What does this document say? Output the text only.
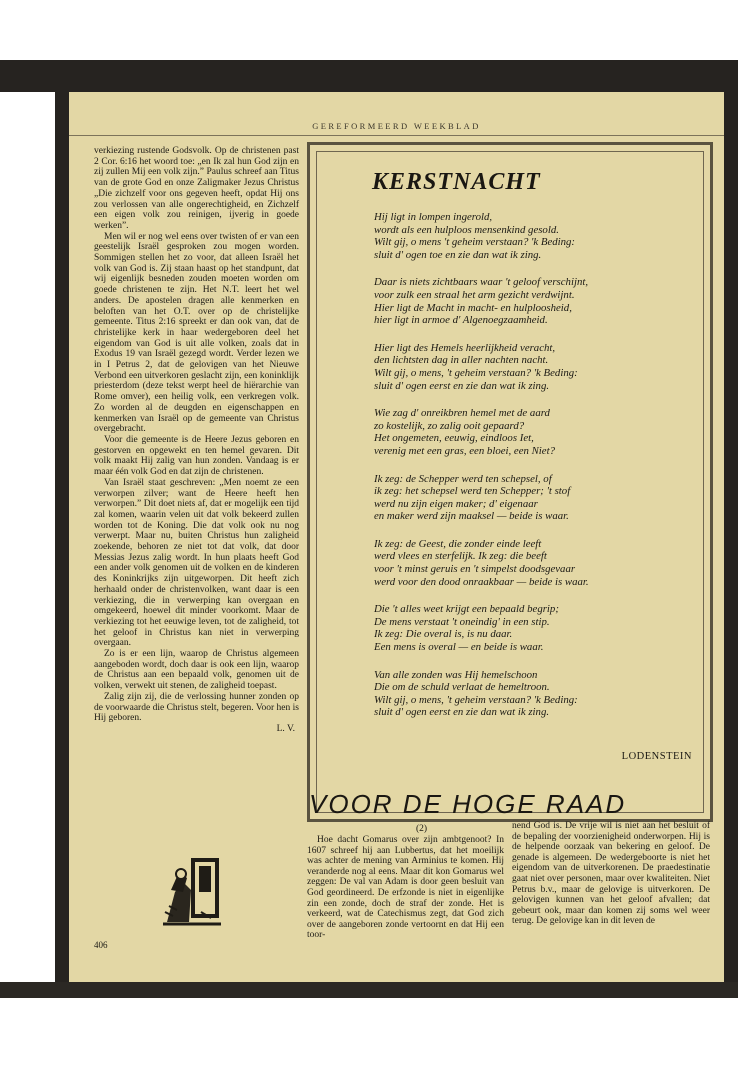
GEREFORMEERD WEEKBLAD

verkiezing rustende Godsvolk. Op de christenen past 2 Cor. 6:16 het woord toe: „en Ik zal hun God zijn en zij zullen Mij een volk zijn.” Paulus schreef aan Titus van de grote God en onze Zaligmaker Jezus Christus „Die zichzelf voor ons gegeven heeft, opdat Hij ons zou verlossen van alle ongerechtigheid, en Zichzelf een eigen volk zou reinigen, ijverig in goede werken”.

Men wil er nog wel eens over twisten of er van een geestelijk Israël gesproken zou mogen worden. Sommigen stellen het zo voor, dat alleen Israël het volk van God is. Zij staan haast op het standpunt, dat wij eigenlijk besneden zouden moeten worden om goede christenen te zijn. Het N.T. leert het wel anders. De apostelen dragen alle kenmerken en beloften van het O.T. over op de christelijke gemeente. Titus 2:16 spreekt er dan ook van, dat de christelijke kerk in haar wedergeboren deel het eigendom van God is uit alle volken, zoals dat in Exodus 19 van Israël gezegd wordt. Verder lezen we in I Petrus 2, dat de gelovigen van het Nieuwe Verbond een uitverkoren geslacht zijn, een koninklijk priesterdom (deze tekst werpt heel de hiërarchie van Rome omver), een heilig volk, een verkregen volk. Zo worden al de deugden en eigenschappen en kenmerken van Israël op de gemeente van Christus overgebracht.

Voor die gemeente is de Heere Jezus geboren en gestorven en opgewekt en ten hemel gevaren. Dit volk maakt Hij zalig van hun zonden. Vandaag is er maar één volk God en dat zijn de christenen.

Van Israël staat geschreven: „Men noemt ze een verworpen zilver; want de Heere heeft hen verworpen.” Dit doet niets af, dat er mogelijk een tijd zal komen, waarin velen uit dat volk bekeerd zullen worden tot de Koning. Die dat volk ook nu nog verwerpt. Maar nu, buiten Christus hun zaligheid zoekende, behoren ze niet tot dat volk, dat door Messias Jezus zalig wordt. In hun plaats heeft God een ander volk genomen uit de volken en de kinderen des Koninkrijks zijn uitgeworpen. Dit heeft zich herhaald onder de christenvolken, want daar is een verkiezing, die in verwerping kan overgaan en omgekeerd, hoewel dit minder voorkomt. Maar de verkiezing tot het eeuwige leven, tot de zaligheid, tot het geloof in Christus kan niet in verwerping overgaan.

Zo is er een lijn, waarop de Christus algemeen aangeboden wordt, doch daar is ook een lijn, waarop de Christus aan een bepaald volk, genomen uit de volken, verwekt uit stenen, de zaligheid toepast.

Zalig zijn zij, die de verlossing hunner zonden op de voorwaarde die Christus stelt, begeren. Voor hen is Hij geboren.

L. V.
406
KERSTNACHT
Hij ligt in lompen ingerold,
wordt als een hulploos mensenkind gesold.
Wilt gij, o mens 't geheim verstaan? 'k Beding:
sluit d' ogen toe en zie dan wat ik zing.
Daar is niets zichtbaars waar 't geloof verschijnt,
voor zulk een straal het arm gezicht verdwijnt.
Hier ligt de Macht in macht- en hulploosheid,
hier ligt in armoe d' Algenoegzaamheid.
Hier ligt des Hemels heerlijkheid veracht,
den lichtsten dag in aller nachten nacht.
Wilt gij, o mens, 't geheim verstaan? 'k Beding:
sluit d' ogen eerst en zie dan wat ik zing.
Wie zag d' onreikbren hemel met de aard
zo kostelijk, zo zalig ooit gepaard?
Het ongemeten, eeuwig, eindloos Iet,
verenig met een gras, een bloei, een Niet?
Ik zeg: de Schepper werd ten schepsel, of
ik zeg: het schepsel werd ten Schepper; 't stof
werd nu zijn eigen maker; d' eigenaar
en maker werd zijn maaksel — beide is waar.
Ik zeg: de Geest, die zonder einde leeft
werd vlees en sterfelijk. Ik zeg: die beeft
voor 't minst geruis en 't simpelst doodsgevaar
werd voor den dood onraakbaar — beide is waar.
Die 't alles weet krijgt een bepaald begrip;
De mens verstaat 't oneindig' in een stip.
Ik zeg: Die overal is, is nu daar.
Een mens is overal — en beide is waar.
Van alle zonden was Hij hemelschoon
Die om de schuld verlaat de hemeltroon.
Wilt gij, o mens, 't geheim verstaan? 'k Beding:
sluit d' ogen eerst en zie dan wat ik zing.
LODENSTEIN
VOOR DE HOGE RAAD
(2)

Hoe dacht Gomarus over zijn ambtgenoot? In 1607 schreef hij aan Lubbertus, dat het moeilijk was achter de mening van Arminius te komen. Hij veranderde nog al eens. Maar dit kon Gomarus wel zeggen: De val van Adam is door geen besluit van God geordineerd. De erfzonde is niet in eigenlijke zin een zonde, doch de straf der zonde. Het is verkeerd, wat de Catechismus zegt, dat God zich over de aangeboren zonde vertoornt en dat Hij een toor-

nend God is. De vrije wil is niet aan het besluit of de bepaling der voorzienigheid onderworpen. Hij is de helpende oorzaak van bekering en geloof. De genade is algemeen. De wedergeboorte is niet het eigendom van de uitverkorenen. De praedestinatie gaat niet over personen, maar over kwaliteiten. Niet Petrus b.v., maar de gelovige is uitverkoren. De gelovigen kunnen van het geloof afvallen; dat gebeurt ook, maar dan komen zij soms wel weer terug. De gelovige kan in dit leven de
